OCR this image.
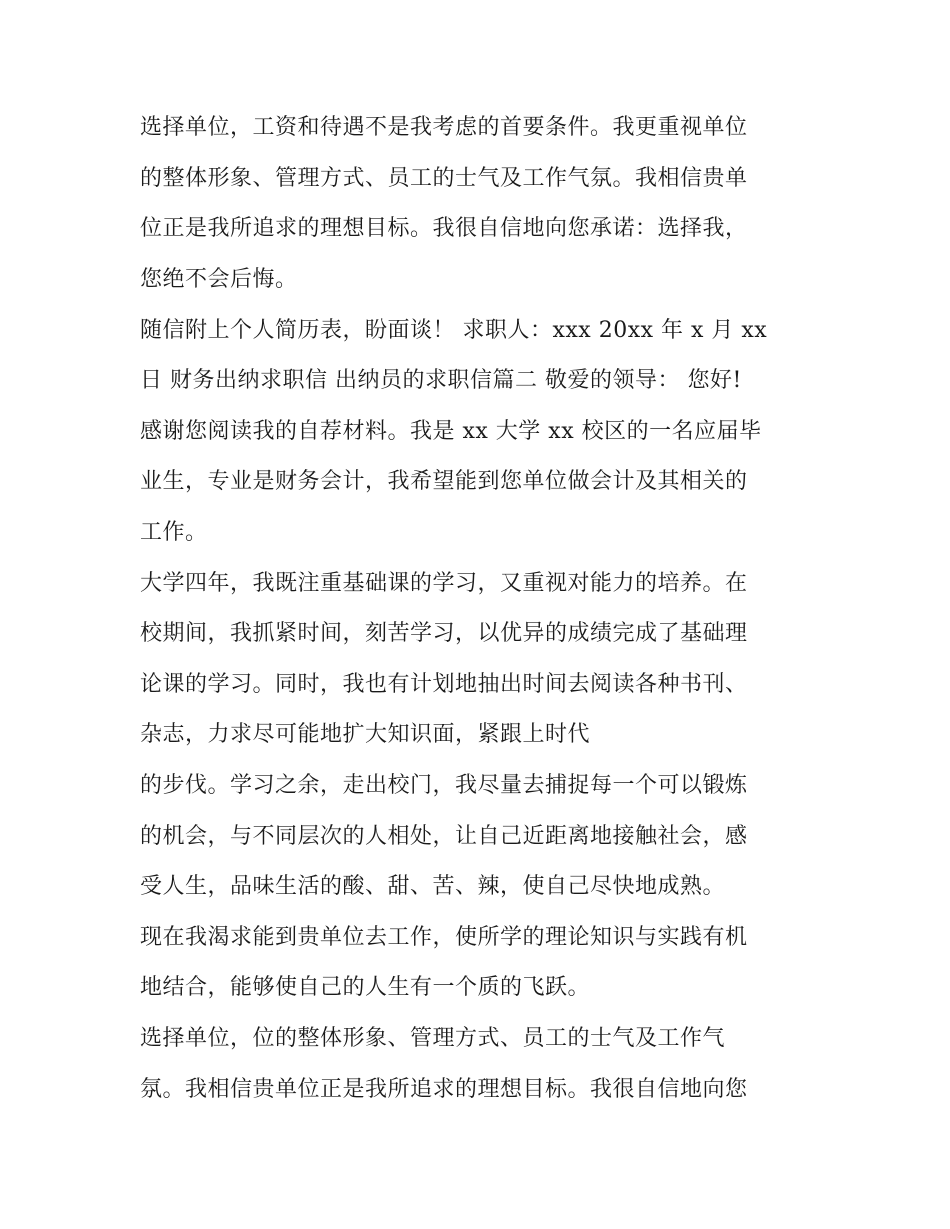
选择单位，工资和待遇不是我考虑的首要条件。我更重视单位
的整体形象、管理方式、员工的士气及工作气氛。我相信贵单
位正是我所追求的理想目标。我很自信地向您承诺：选择我，
您绝不会后悔。
随信附上个人简历表，盼面谈！ 求职人：xxx 20xx 年 x 月 xx
日 财务出纳求职信 出纳员的求职信篇二 敬爱的领导： 您好!
感谢您阅读我的自荐材料。我是 xx 大学 xx 校区的一名应届毕
业生，专业是财务会计，我希望能到您单位做会计及其相关的
工作。
大学四年，我既注重基础课的学习，又重视对能力的培养。在
校期间，我抓紧时间，刻苦学习，以优异的成绩完成了基础理
论课的学习。同时，我也有计划地抽出时间去阅读各种书刊、
杂志，力求尽可能地扩大知识面，紧跟上时代
的步伐。学习之余，走出校门，我尽量去捕捉每一个可以锻炼
的机会，与不同层次的人相处，让自己近距离地接触社会，感
受人生，品味生活的酸、甜、苦、辣，使自己尽快地成熟。
现在我渴求能到贵单位去工作，使所学的理论知识与实践有机
地结合，能够使自己的人生有一个质的飞跃。
选择单位，位的整体形象、管理方式、员工的士气及工作气
氛。我相信贵单位正是我所追求的理想目标。我很自信地向您
